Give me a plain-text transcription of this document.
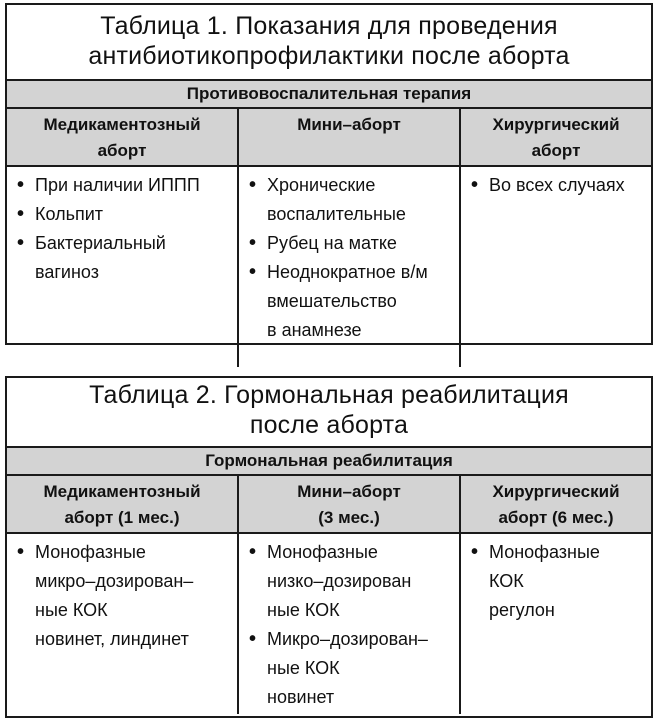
Таблица 1. Показания для проведения
антибиотикопрофилактики после аборта
Противовоспалительная терапия
Медикаментозный
аборт
Мини–аборт	Хирургический
аборт
• При наличии ИППП
• Кольпит
• Бактериальный
вагиноз
• Хронические
воспалительные
• Рубец на матке
• Неоднократное в/м
вмешательство
в анамнезе
• Во всех случаях
Таблица 2. Гормональная реабилитация
после аборта
Гормональная реабилитация
Медикаментозный
аборт (1 мес.)
Мини–аборт
(3 мес.)
Хирургический
аборт (6 мес.)
• Монофазные
микро–дозирован–
ные КОК
новинет, линдинет
• Монофазные
низко–дозирован
ные КОК
• Микро–дозирован–
ные КОК
новинет
• Монофазные
КОК
регулон
